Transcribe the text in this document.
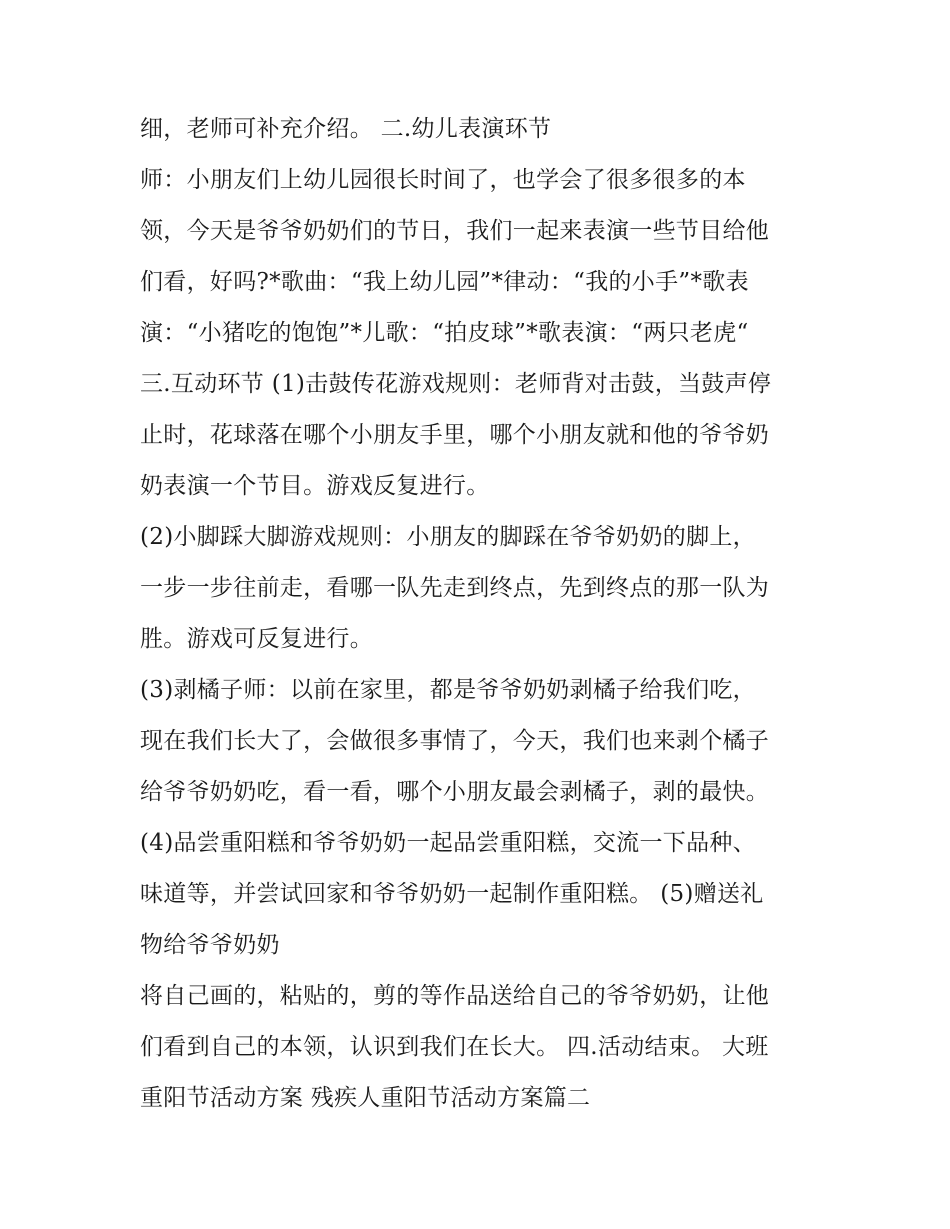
细，老师可补充介绍。 二.幼儿表演环节
师：小朋友们上幼儿园很长时间了，也学会了很多很多的本
领，今天是爷爷奶奶们的节日，我们一起来表演一些节目给他
们看，好吗?*歌曲：“我上幼儿园”*律动：“我的小手”*歌表
演：“小猪吃的饱饱”*儿歌：“拍皮球”*歌表演：“两只老虎“
三.互动环节 (1)击鼓传花游戏规则：老师背对击鼓，当鼓声停
止时，花球落在哪个小朋友手里，哪个小朋友就和他的爷爷奶
奶表演一个节目。游戏反复进行。
(2)小脚踩大脚游戏规则：小朋友的脚踩在爷爷奶奶的脚上，
一步一步往前走，看哪一队先走到终点，先到终点的那一队为
胜。游戏可反复进行。
(3)剥橘子师：以前在家里，都是爷爷奶奶剥橘子给我们吃，
现在我们长大了，会做很多事情了，今天，我们也来剥个橘子
给爷爷奶奶吃，看一看，哪个小朋友最会剥橘子，剥的最快。
(4)品尝重阳糕和爷爷奶奶一起品尝重阳糕，交流一下品种、
味道等，并尝试回家和爷爷奶奶一起制作重阳糕。 (5)赠送礼
物给爷爷奶奶
将自己画的，粘贴的，剪的等作品送给自己的爷爷奶奶，让他
们看到自己的本领，认识到我们在长大。 四.活动结束。 大班
重阳节活动方案 残疾人重阳节活动方案篇二
